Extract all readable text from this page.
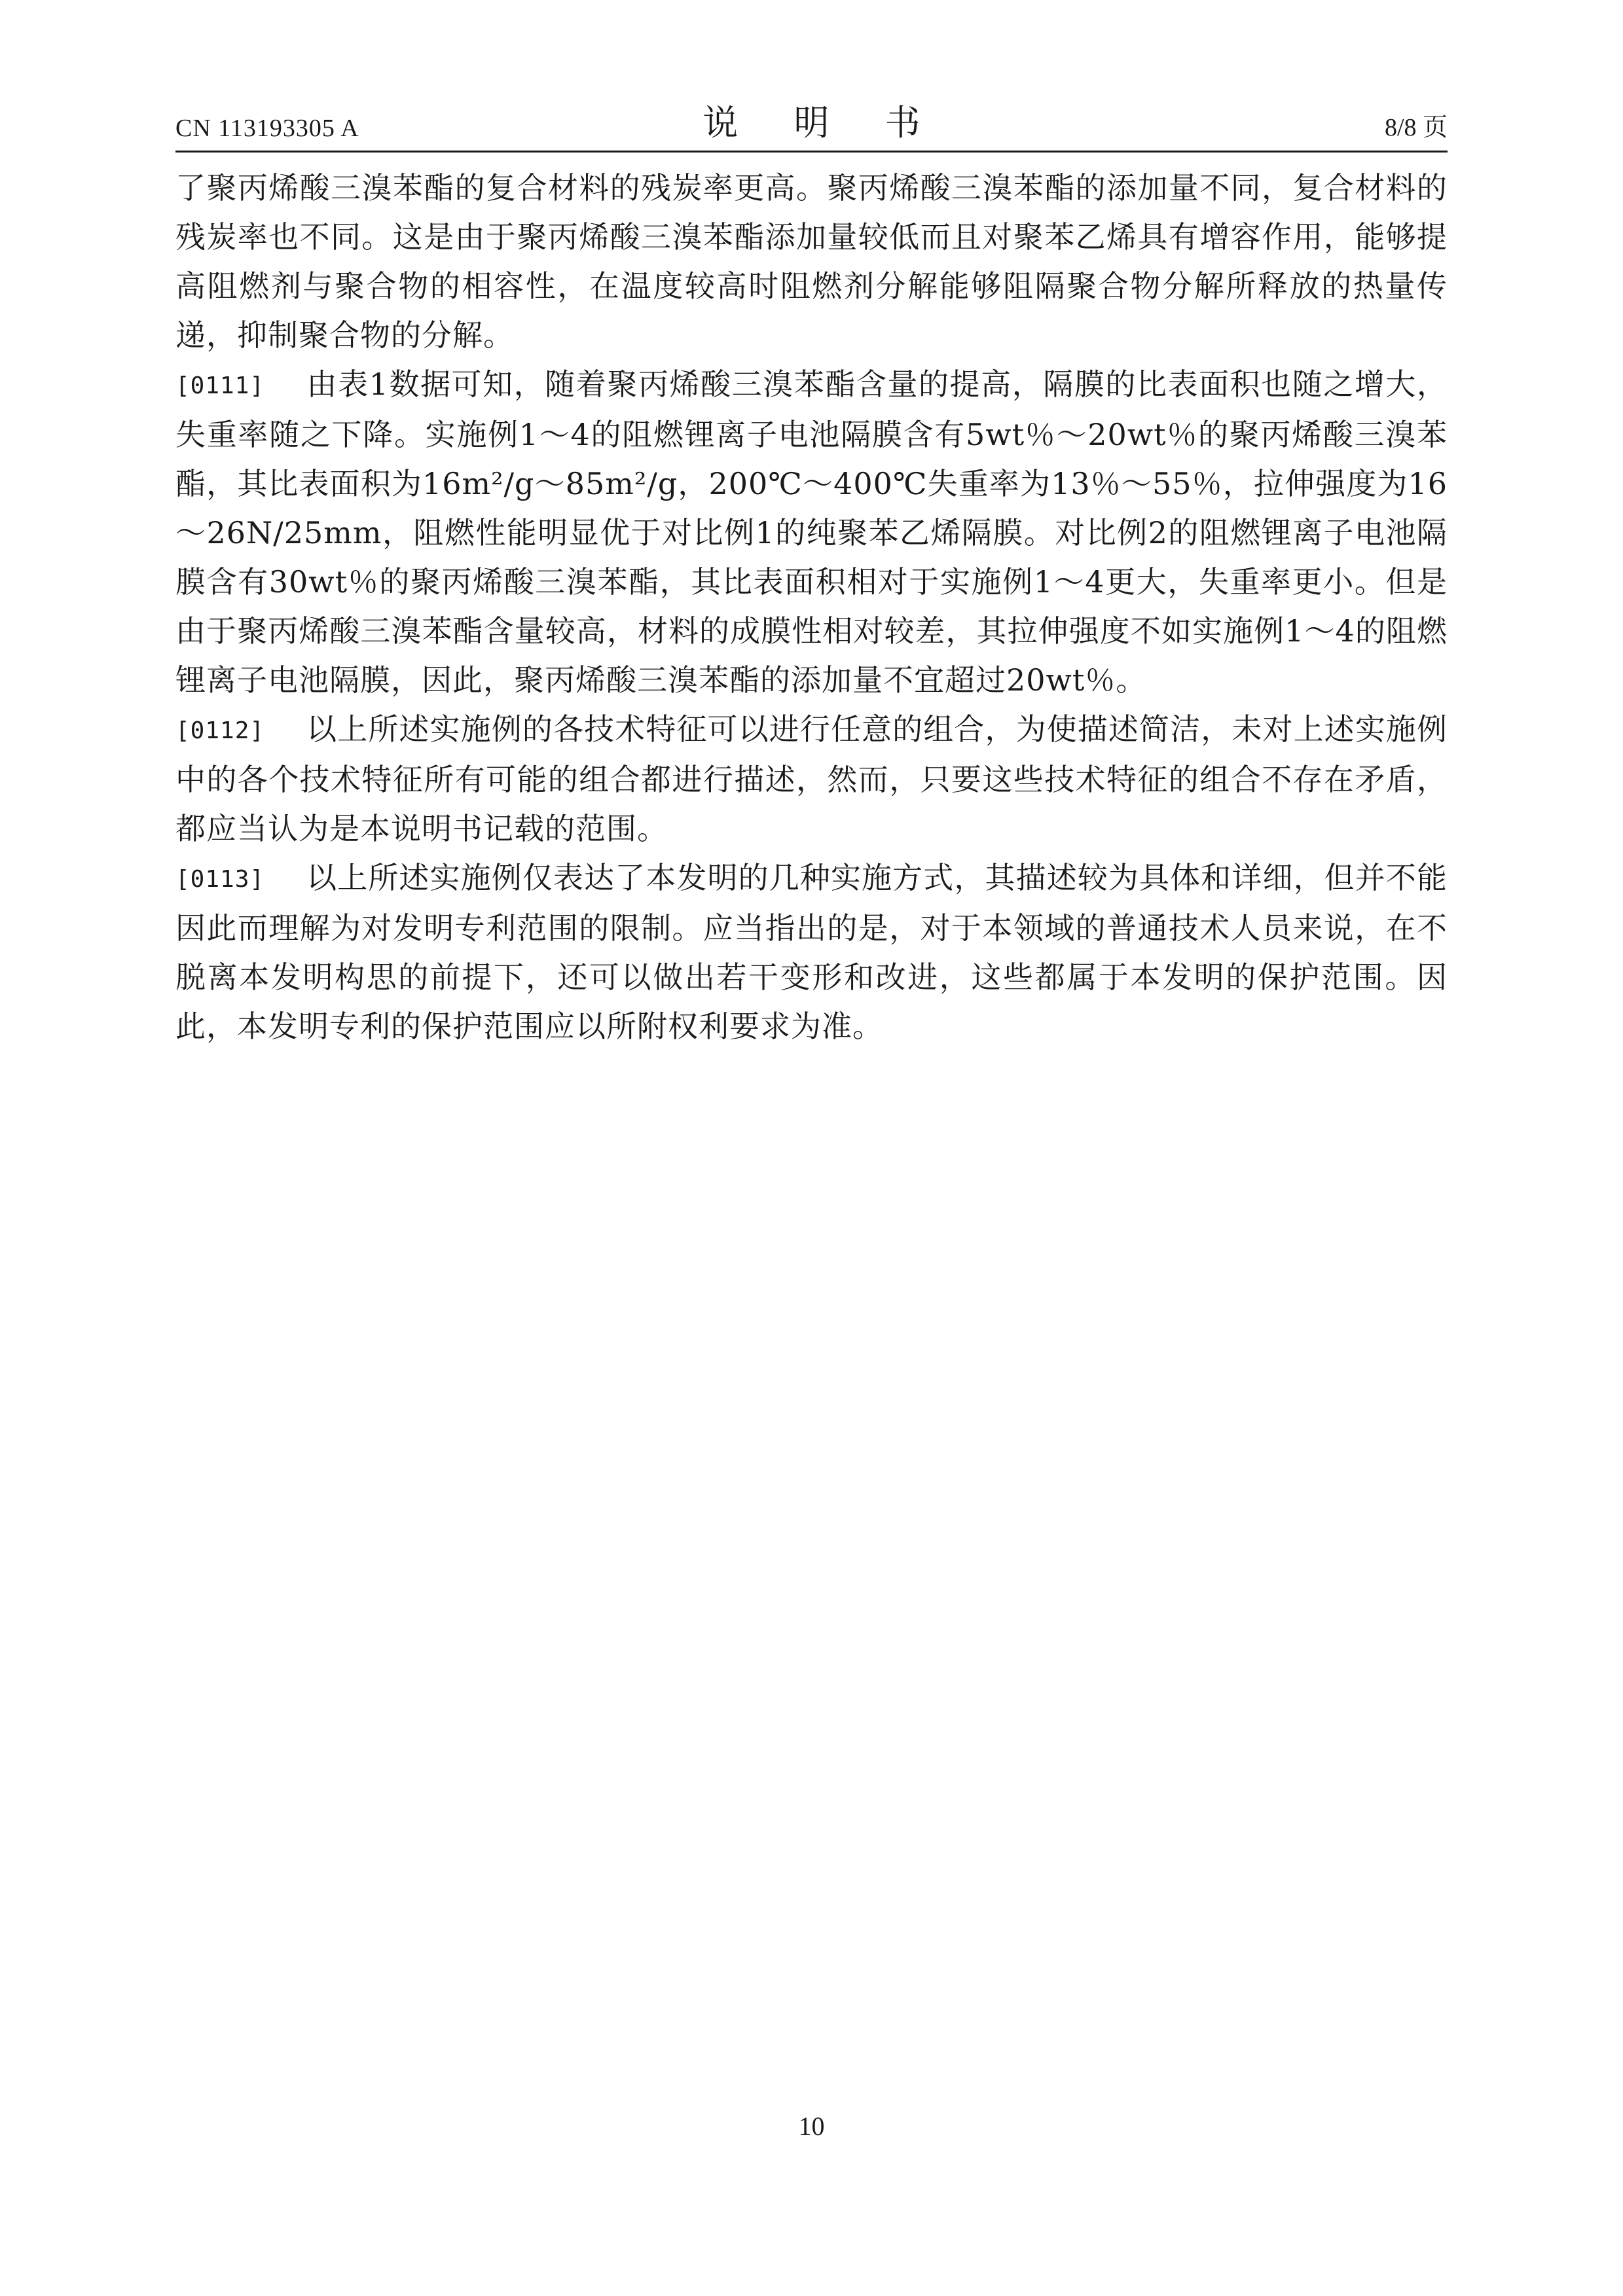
CN 113193305 A	说 明 书	8/8 页

了聚丙烯酸三溴苯酯的复合材料的残炭率更高。聚丙烯酸三溴苯酯的添加量不同，复合材料的残炭率也不同。这是由于聚丙烯酸三溴苯酯添加量较低而且对聚苯乙烯具有增容作用，能够提高阻燃剂与聚合物的相容性，在温度较高时阻燃剂分解能够阻隔聚合物分解所释放的热量传递，抑制聚合物的分解。

[0111] 由表1数据可知，随着聚丙烯酸三溴苯酯含量的提高，隔膜的比表面积也随之增大，失重率随之下降。实施例1～4的阻燃锂离子电池隔膜含有5wt％～20wt％的聚丙烯酸三溴苯酯，其比表面积为16m²/g～85m²/g，200℃～400℃失重率为13％～55％，拉伸强度为16～26N/25mm，阻燃性能明显优于对比例1的纯聚苯乙烯隔膜。对比例2的阻燃锂离子电池隔膜含有30wt％的聚丙烯酸三溴苯酯，其比表面积相对于实施例1～4更大，失重率更小。但是由于聚丙烯酸三溴苯酯含量较高，材料的成膜性相对较差，其拉伸强度不如实施例1～4的阻燃锂离子电池隔膜，因此，聚丙烯酸三溴苯酯的添加量不宜超过20wt％。

[0112] 以上所述实施例的各技术特征可以进行任意的组合，为使描述简洁，未对上述实施例中的各个技术特征所有可能的组合都进行描述，然而，只要这些技术特征的组合不存在矛盾，都应当认为是本说明书记载的范围。

[0113] 以上所述实施例仅表达了本发明的几种实施方式，其描述较为具体和详细，但并不能因此而理解为对发明专利范围的限制。应当指出的是，对于本领域的普通技术人员来说，在不脱离本发明构思的前提下，还可以做出若干变形和改进，这些都属于本发明的保护范围。因此，本发明专利的保护范围应以所附权利要求为准。

10
